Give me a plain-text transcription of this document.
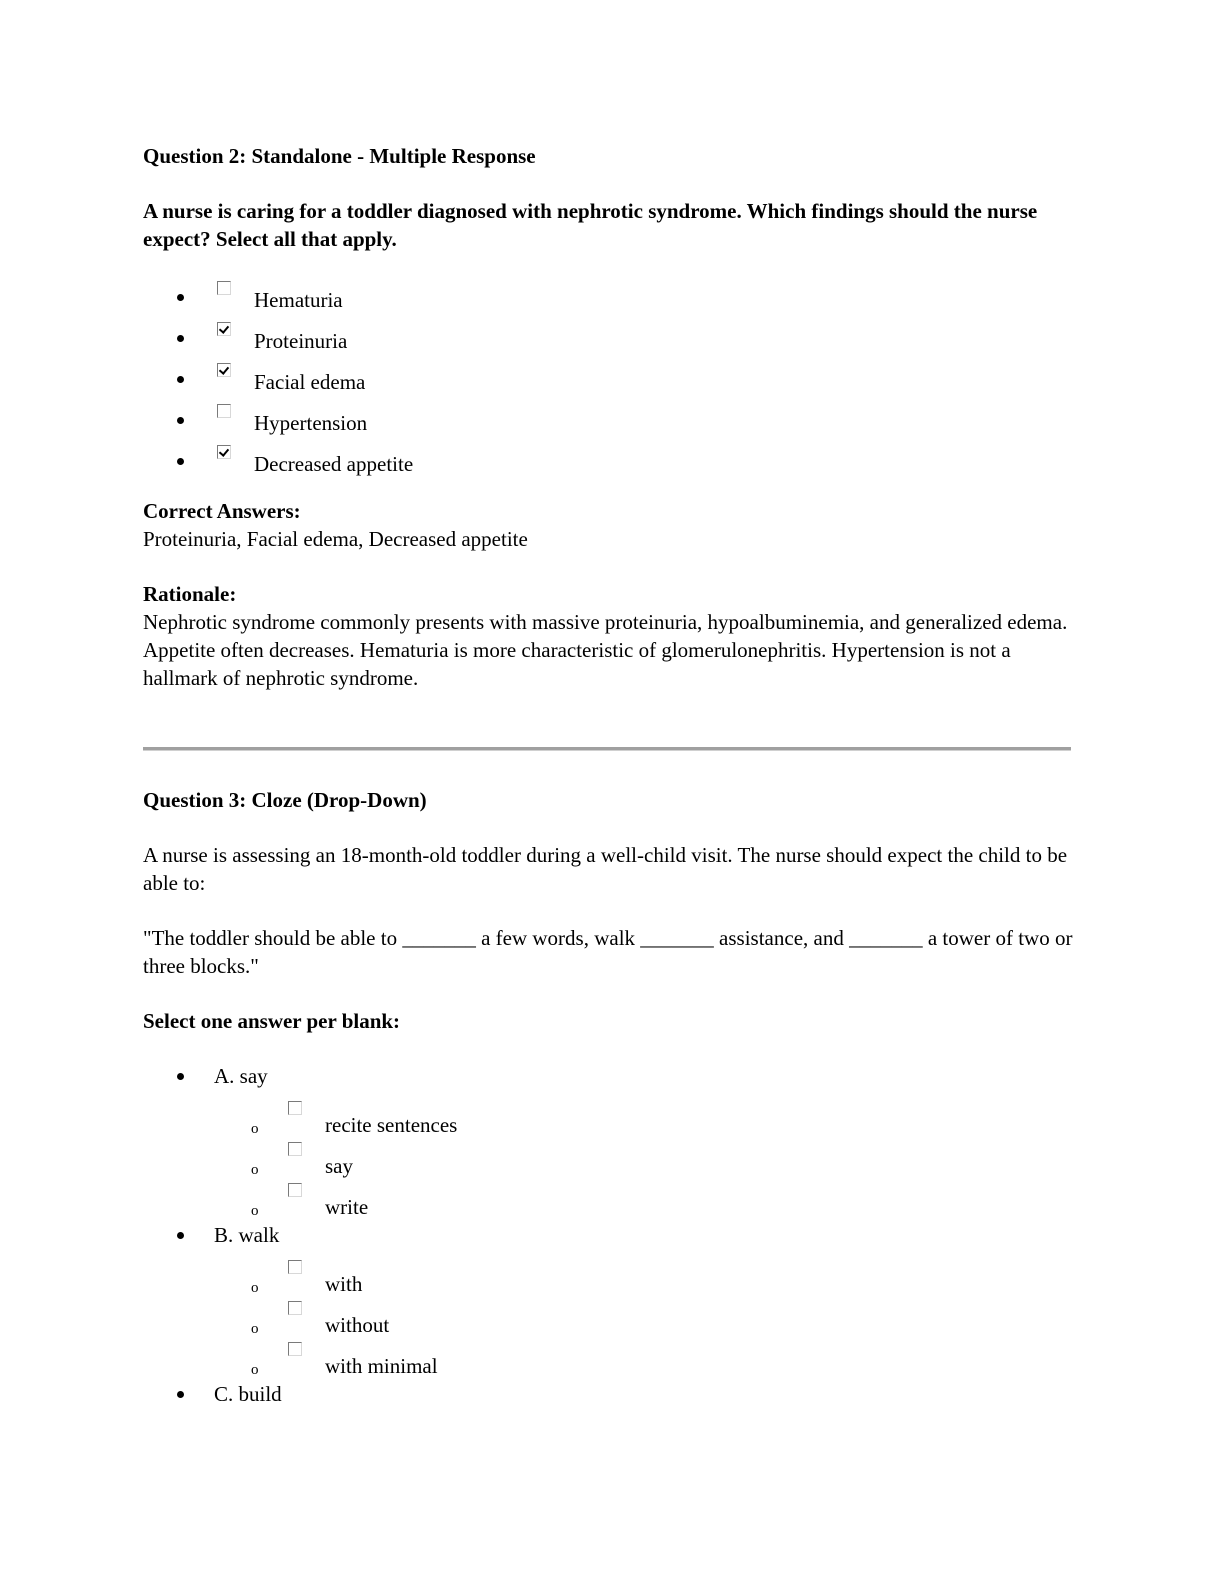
Question 2: Standalone - Multiple Response

A nurse is caring for a toddler diagnosed with nephrotic syndrome. Which findings should the nurse expect? Select all that apply.

Hematuria
Proteinuria
Facial edema
Hypertension
Decreased appetite

Correct Answers:

Proteinuria, Facial edema, Decreased appetite

Rationale:

Nephrotic syndrome commonly presents with massive proteinuria, hypoalbuminemia, and generalized edema. Appetite often decreases. Hematuria is more characteristic of glomerulonephritis. Hypertension is not a hallmark of nephrotic syndrome.

Question 3: Cloze (Drop-Down)

A nurse is assessing an 18-month-old toddler during a well-child visit. The nurse should expect the child to be able to:

"The toddler should be able to _______ a few words, walk _______ assistance, and _______ a tower of two or three blocks."

Select one answer per blank:

A. say
o	recite sentences
o	say
o	write
B. walk
o	with
o	without
o	with minimal
C. build
